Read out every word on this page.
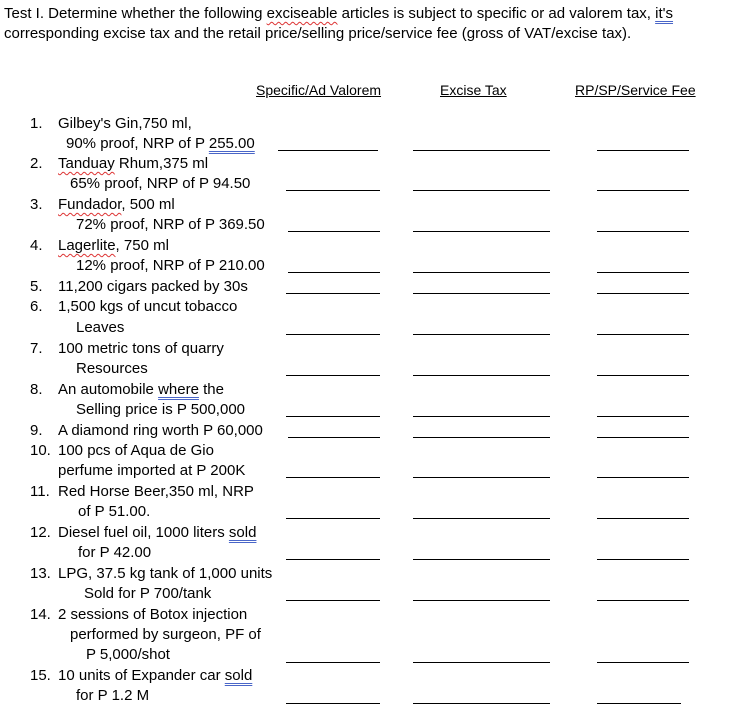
Test I. Determine whether the following exciseable articles is subject to specific or ad valorem tax, it's corresponding excise tax and the retail price/selling price/service fee (gross of VAT/excise tax).

Specific/Ad Valorem	Excise Tax	RP/SP/Service Fee
1. Gilbey's Gin,750 ml,
90% proof, NRP of P 255.00
2. Tanduay Rhum,375 ml
65% proof, NRP of P 94.50
3. Fundador, 500 ml
72% proof, NRP of P 369.50
4. Lagerlite, 750 ml
12% proof, NRP of P 210.00
5. 11,200 cigars packed by 30s
6. 1,500 kgs of uncut tobacco
Leaves
7. 100 metric tons of quarry
Resources
8. An automobile where the
Selling price is P 500,000
9. A diamond ring worth P 60,000
10. 100 pcs of Aqua de Gio
perfume imported at P 200K
11. Red Horse Beer,350 ml, NRP
of P 51.00.
12. Diesel fuel oil, 1000 liters sold
for P 42.00
13. LPG, 37.5 kg tank of 1,000 units
Sold for P 700/tank
14. 2 sessions of Botox injection
performed by surgeon, PF of
P 5,000/shot
15. 10 units of Expander car sold
for P 1.2 M
